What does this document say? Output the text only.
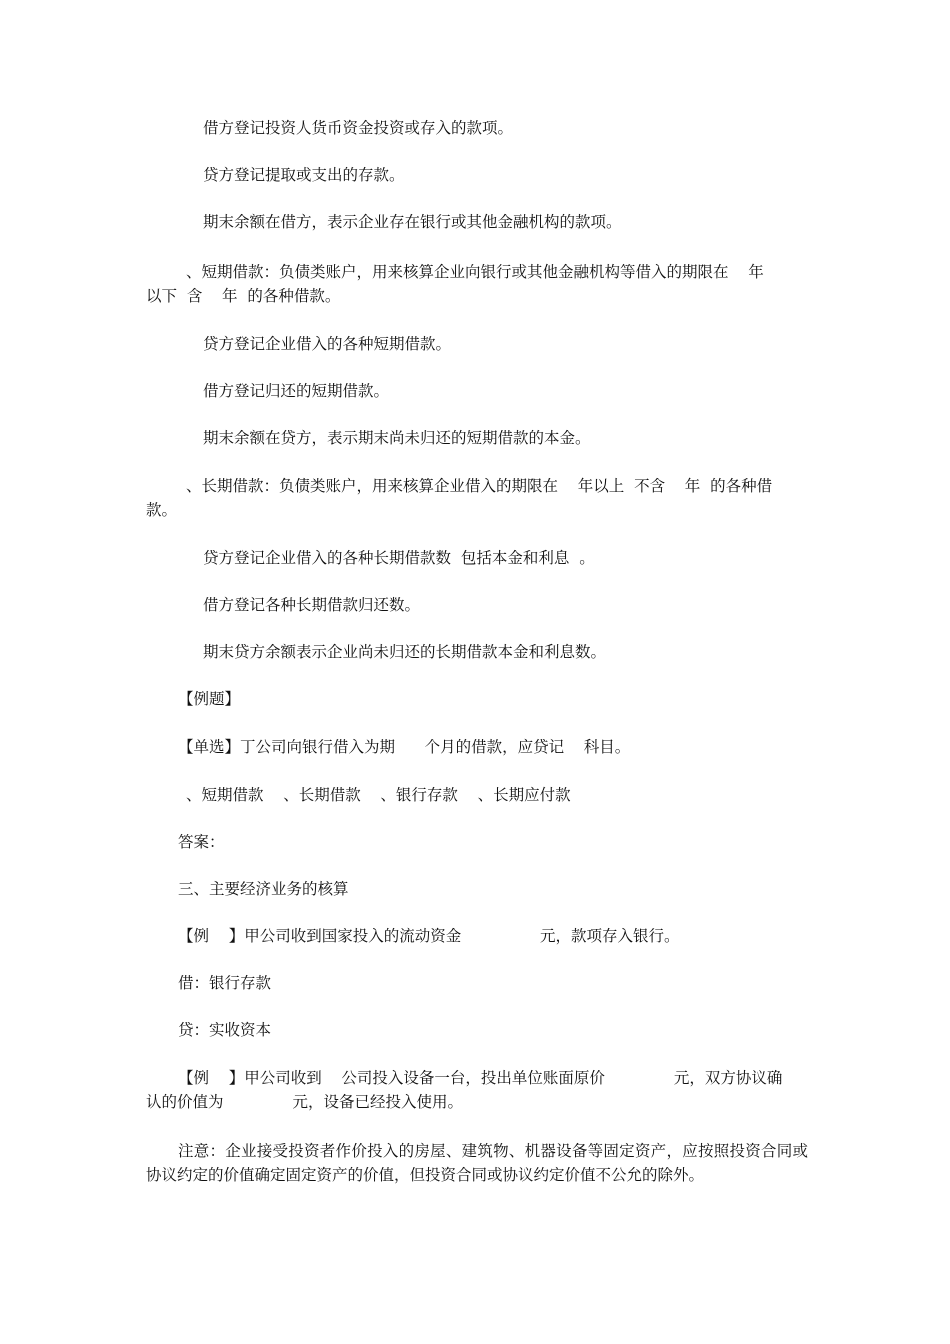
借方登记投资人货币资金投资或存入的款项。

贷方登记提取或支出的存款。

期末余额在借方，表示企业存在银行或其他金融机构的款项。

、短期借款：负债类账户，用来核算企业向银行或其他金融机构等借入的期限在    年

以下  含    年  的各种借款。

贷方登记企业借入的各种短期借款。

借方登记归还的短期借款。

期末余额在贷方，表示期末尚未归还的短期借款的本金。

、长期借款：负债类账户，用来核算企业借入的期限在    年以上  不含    年  的各种借

款。

贷方登记企业借入的各种长期借款数  包括本金和利息  。

借方登记各种长期借款归还数。

期末贷方余额表示企业尚未归还的长期借款本金和利息数。

【例题】

【单选】丁公司向银行借入为期      个月的借款，应贷记    科目。

、短期借款    、长期借款    、银行存款    、长期应付款

答案：

三、主要经济业务的核算

【例    】甲公司收到国家投入的流动资金                元，款项存入银行。

借：银行存款

贷：实收资本

【例    】甲公司收到    公司投入设备一台，投出单位账面原价              元，双方协议确

认的价值为              元，设备已经投入使用。

注意：企业接受投资者作价投入的房屋、建筑物、机器设备等固定资产，应按照投资合同或协议约定的价值确定固定资产的价值，但投资合同或协议约定价值不公允的除外。
